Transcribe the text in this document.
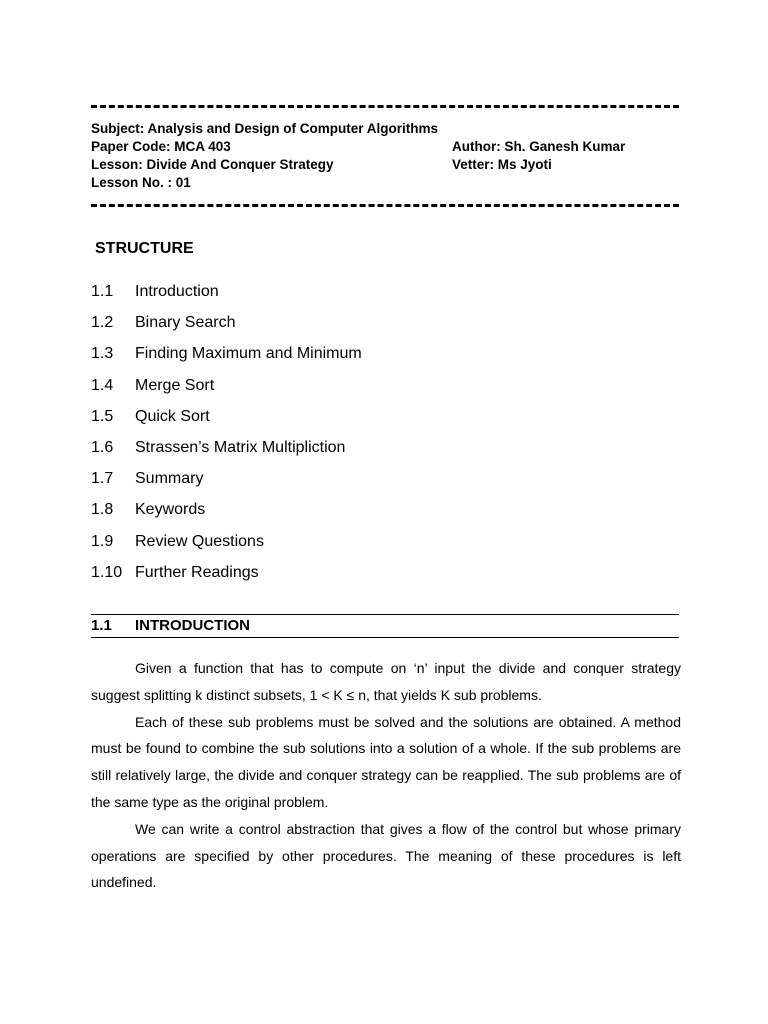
Subject: Analysis and Design of Computer Algorithms
Paper Code: MCA 403	Author: Sh. Ganesh Kumar
Lesson: Divide And Conquer Strategy	Vetter: Ms Jyoti
Lesson No. : 01
STRUCTURE
1.1 Introduction
1.2 Binary Search
1.3 Finding Maximum and Minimum
1.4 Merge Sort
1.5 Quick Sort
1.6 Strassen’s Matrix Multipliction
1.7 Summary
1.8 Keywords
1.9 Review Questions
1.10 Further Readings
1.1 INTRODUCTION

Given a function that has to compute on ‘n’ input the divide and conquer strategy suggest splitting k distinct subsets, 1 < K ≤ n, that yields K sub problems.

Each of these sub problems must be solved and the solutions are obtained. A method must be found to combine the sub solutions into a solution of a whole. If the sub problems are still relatively large, the divide and conquer strategy can be reapplied. The sub problems are of the same type as the original problem.

We can write a control abstraction that gives a flow of the control but whose primary operations are specified by other procedures. The meaning of these procedures is left undefined.
